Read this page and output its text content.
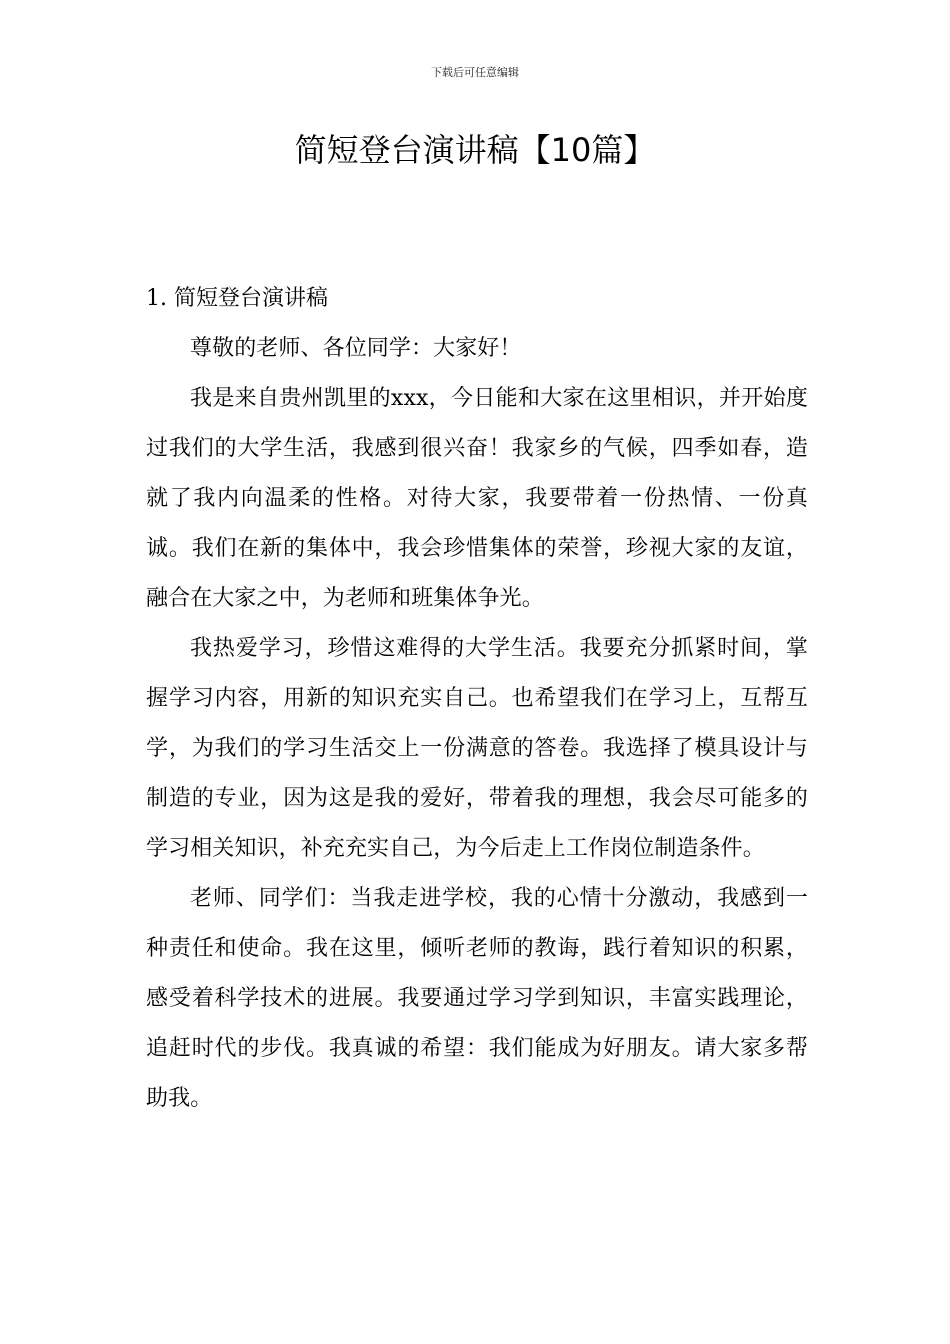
下载后可任意编辑
简短登台演讲稿【10篇】
1. 简短登台演讲稿

尊敬的老师、各位同学：大家好！

我是来自贵州凯里的xxx，今日能和大家在这里相识，并开始度过我们的大学生活，我感到很兴奋！我家乡的气候，四季如春，造就了我内向温柔的性格。对待大家，我要带着一份热情、一份真诚。我们在新的集体中，我会珍惜集体的荣誉，珍视大家的友谊，融合在大家之中，为老师和班集体争光。

我热爱学习，珍惜这难得的大学生活。我要充分抓紧时间，掌握学习内容，用新的知识充实自己。也希望我们在学习上，互帮互学，为我们的学习生活交上一份满意的答卷。我选择了模具设计与制造的专业，因为这是我的爱好，带着我的理想，我会尽可能多的学习相关知识，补充充实自己，为今后走上工作岗位制造条件。

老师、同学们：当我走进学校，我的心情十分激动，我感到一种责任和使命。我在这里，倾听老师的教诲，践行着知识的积累，感受着科学技术的进展。我要通过学习学到知识，丰富实践理论，追赶时代的步伐。我真诚的希望：我们能成为好朋友。请大家多帮助我。
